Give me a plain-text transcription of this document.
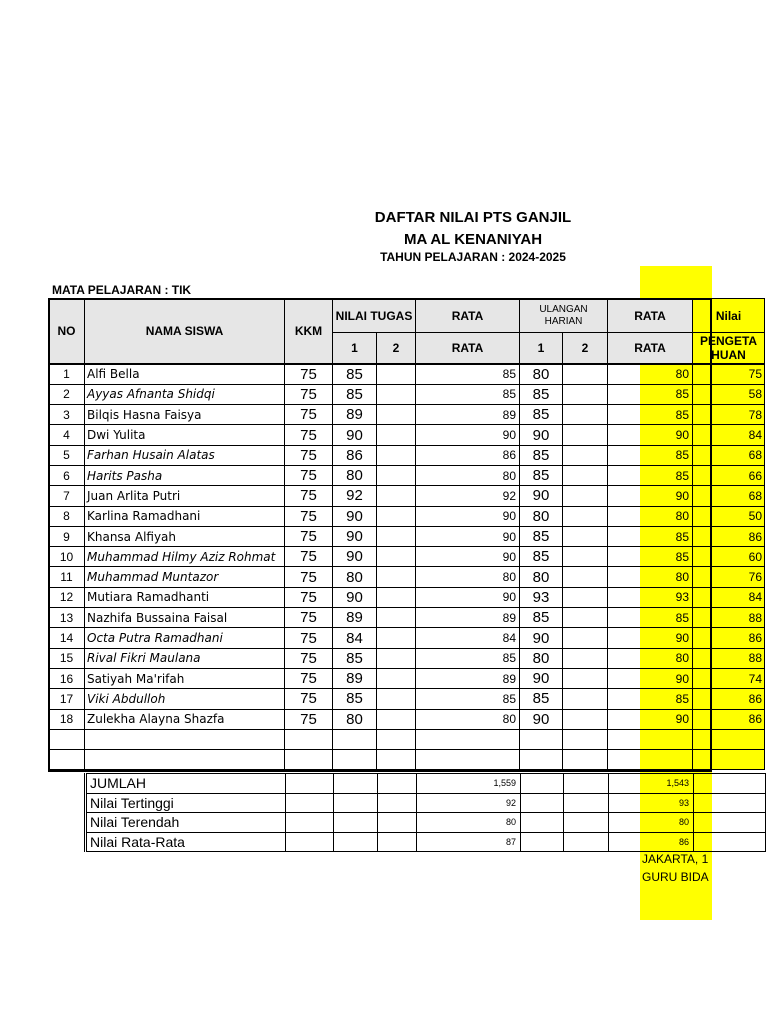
DAFTAR NILAI PTS GANJIL
MA AL KENANIYAH
TAHUN PELAJARAN : 2024-2025
MATA PELAJARAN : TIK
NO	NAMA SISWA	KKM	NILAI TUGAS		RATA	ULANGAN HARIAN		RATA	Nilai
			1	2	RATA	1	2	RATA	PENGETA HUAN
1	Alfi Bella	75	85		85	80		80	75
2	Ayyas Afnanta Shidqi	75	85		85	85		85	58
3	Bilqis Hasna Faisya	75	89		89	85		85	78
4	Dwi Yulita	75	90		90	90		90	84
5	Farhan Husain Alatas	75	86		86	85		85	68
6	Harits Pasha	75	80		80	85		85	66
7	Juan Arlita Putri	75	92		92	90		90	68
8	Karlina Ramadhani	75	90		90	80		80	50
9	Khansa Alfiyah	75	90		90	85		85	86
10	Muhammad Hilmy Aziz Rohmat	75	90		90	85		85	60
11	Muhammad Muntazor	75	80		80	80		80	76
12	Mutiara Ramadhanti	75	90		90	93		93	84
13	Nazhifa Bussaina Faisal	75	89		89	85		85	88
14	Octa Putra Ramadhani	75	84		84	90		90	86
15	Rival Fikri Maulana	75	85		85	80		80	88
16	Satiyah Ma'rifah	75	89		89	90		90	74
17	Viki Abdulloh	75	85		85	85		85	86
18	Zulekha Alayna Shazfa	75	80		80	90		90	86

JUMLAH				1,559			1,543	
Nilai Tertinggi				92			93	
Nilai Terendah				80			80	
Nilai Rata-Rata				87			86	
JAKARTA, 1
GURU BIDA
